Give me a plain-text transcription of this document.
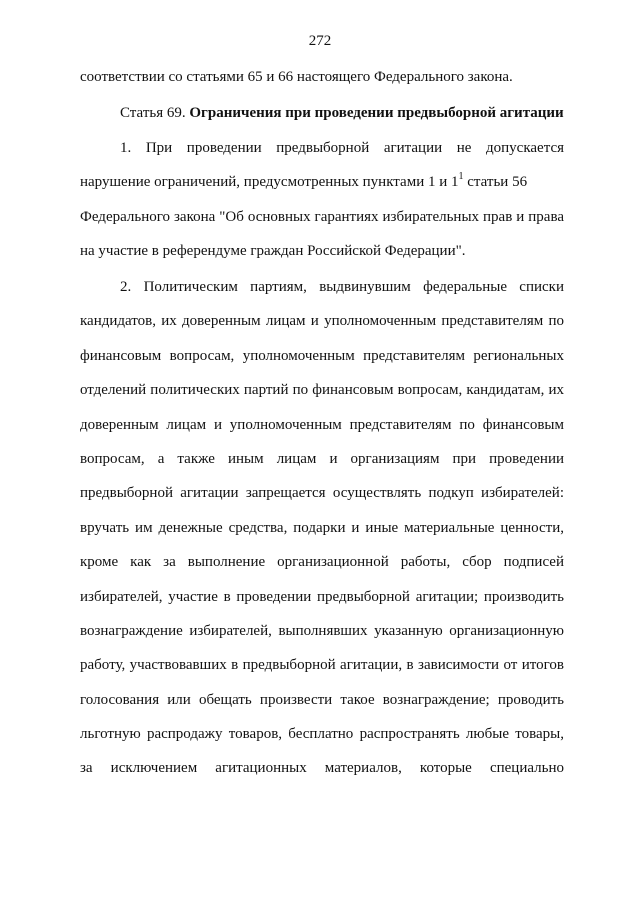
272
соответствии со статьями 65 и 66 настоящего Федерального закона.
Статья 69. Ограничения при проведении предвыборной агитации
1. При проведении предвыборной агитации не допускается
нарушение ограничений, предусмотренных пунктами 1 и $1^1$ статьи 56
Федерального закона "Об основных гарантиях избирательных прав и права
на участие в референдуме граждан Российской Федерации".
2. Политическим партиям, выдвинувшим федеральные списки
кандидатов, их доверенным лицам и уполномоченным представителям по
финансовым вопросам, уполномоченным представителям региональных
отделений политических партий по финансовым вопросам, кандидатам, их
доверенным лицам и уполномоченным представителям по финансовым
вопросам, а также иным лицам и организациям при проведении
предвыборной агитации запрещается осуществлять подкуп избирателей:
вручать им денежные средства, подарки и иные материальные ценности,
кроме как за выполнение организационной работы, сбор подписей
избирателей, участие в проведении предвыборной агитации; производить
вознаграждение избирателей, выполнявших указанную организационную
работу, участвовавших в предвыборной агитации, в зависимости от итогов
голосования или обещать произвести такое вознаграждение; проводить
льготную распродажу товаров, бесплатно распространять любые товары,
за исключением агитационных материалов, которые специально
